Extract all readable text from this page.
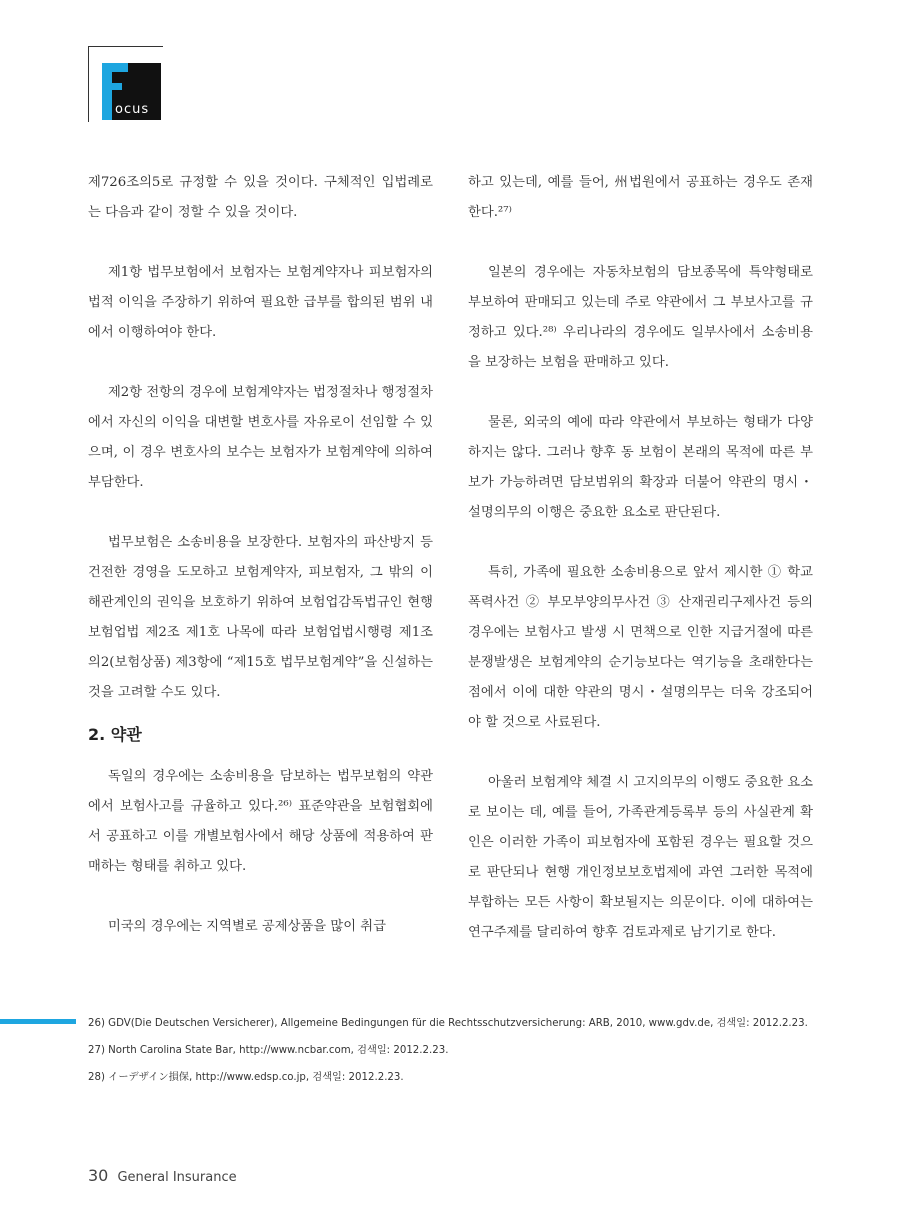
ocus

제726조의5로 규정할 수 있을 것이다. 구체적인 입법례로는 다음과 같이 정할 수 있을 것이다.

제1항 법무보험에서 보험자는 보험계약자나 피보험자의 법적 이익을 주장하기 위하여 필요한 급부를 합의된 범위 내에서 이행하여야 한다.

제2항 전항의 경우에 보험계약자는 법정절차나 행정절차에서 자신의 이익을 대변할 변호사를 자유로이 선임할 수 있으며, 이 경우 변호사의 보수는 보험자가 보험계약에 의하여 부담한다.

법무보험은 소송비용을 보장한다. 보험자의 파산방지 등 건전한 경영을 도모하고 보험계약자, 피보험자, 그 밖의 이해관계인의 권익을 보호하기 위하여 보험업감독법규인 현행 보험업법 제2조 제1호 나목에 따라 보험업법시행령 제1조의2(보험상품) 제3항에 “제15호 법무보험계약”을 신설하는 것을 고려할 수도 있다.

2. 약관

독일의 경우에는 소송비용을 담보하는 법무보험의 약관에서 보험사고를 규율하고 있다.²⁶⁾ 표준약관을 보험협회에서 공표하고 이를 개별보험사에서 해당 상품에 적용하여 판매하는 형태를 취하고 있다.

미국의 경우에는 지역별로 공제상품을 많이 취급

하고 있는데, 예를 들어, 州법원에서 공표하는 경우도 존재한다.²⁷⁾

일본의 경우에는 자동차보험의 담보종목에 특약형태로 부보하여 판매되고 있는데 주로 약관에서 그 부보사고를 규정하고 있다.²⁸⁾ 우리나라의 경우에도 일부사에서 소송비용을 보장하는 보험을 판매하고 있다.

물론, 외국의 예에 따라 약관에서 부보하는 형태가 다양하지는 않다. 그러나 향후 동 보험이 본래의 목적에 따른 부보가 가능하려면 담보범위의 확장과 더불어 약관의 명시・설명의무의 이행은 중요한 요소로 판단된다.

특히, 가족에 필요한 소송비용으로 앞서 제시한 ① 학교폭력사건 ② 부모부양의무사건 ③ 산재권리구제사건 등의 경우에는 보험사고 발생 시 면책으로 인한 지급거절에 따른 분쟁발생은 보험계약의 순기능보다는 역기능을 초래한다는 점에서 이에 대한 약관의 명시・설명의무는 더욱 강조되어야 할 것으로 사료된다.

아울러 보험계약 체결 시 고지의무의 이행도 중요한 요소로 보이는 데, 예를 들어, 가족관계등록부 등의 사실관계 확인은 이러한 가족이 피보험자에 포함된 경우는 필요할 것으로 판단되나 현행 개인정보보호법제에 과연 그러한 목적에 부합하는 모든 사항이 확보될지는 의문이다. 이에 대하여는 연구주제를 달리하여 향후 검토과제로 남기기로 한다.

26) GDV(Die Deutschen Versicherer), Allgemeine Bedingungen für die Rechtsschutzversicherung: ARB, 2010, www.gdv.de, 검색일: 2012.2.23.

27) North Carolina State Bar, http://www.ncbar.com, 검색일: 2012.2.23.

28) イーデザイン損保, http://www.edsp.co.jp, 검색일: 2012.2.23.

30 General Insurance
